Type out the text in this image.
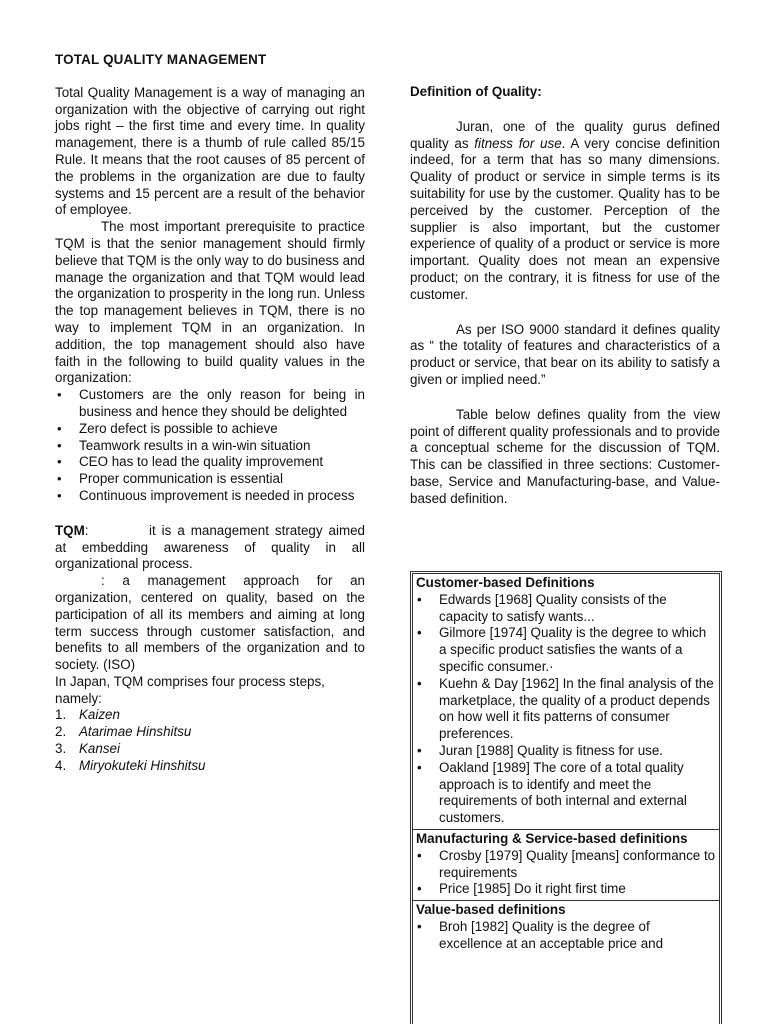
TOTAL QUALITY MANAGEMENT

Total Quality Management is a way of managing an organization with the objective of carrying out right jobs right – the first time and every time. In quality management, there is a thumb of rule called 85/15 Rule. It means that the root causes of 85 percent of the problems in the organization are due to faulty systems and 15 percent are a result of the behavior of employee.

The most important prerequisite to practice TQM is that the senior management should firmly believe that TQM is the only way to do business and manage the organization and that TQM would lead the organization to prosperity in the long run. Unless the top management believes in TQM, there is no way to implement TQM in an organization. In addition, the top management should also have faith in the following to build quality values in the organization:

• Customers are the only reason for being in business and hence they should be delighted
• Zero defect is possible to achieve
• Teamwork results in a win-win situation
• CEO has to lead the quality improvement
• Proper communication is essential
• Continuous improvement is needed in process
TQM:	it is a management strategy aimed at embedding awareness of quality in all organizational process.

: a management approach for an organization, centered on quality, based on the participation of all its members and aiming at long term success through customer satisfaction, and benefits to all members of the organization and to society. (ISO)

In Japan, TQM comprises four process steps, namely:

1. Kaizen
2. Atarimae Hinshitsu
3. Kansei
4. Miryokuteki Hinshitsu
Definition of Quality:

Juran, one of the quality gurus defined quality as fitness for use. A very concise definition indeed, for a term that has so many dimensions. Quality of product or service in simple terms is its suitability for use by the customer. Quality has to be perceived by the customer. Perception of the supplier is also important, but the customer experience of quality of a product or service is more important. Quality does not mean an expensive product; on the contrary, it is fitness for use of the customer.

As per ISO 9000 standard it defines quality as “ the totality of features and characteristics of a product or service, that bear on its ability to satisfy a given or implied need.”

Table below defines quality from the view point of different quality professionals and to provide a conceptual scheme for the discussion of TQM. This can be classified in three sections: Customer-base, Service and Manufacturing-base, and Value-based definition.

Customer-based Definitions
• Edwards [1968] Quality consists of the capacity to satisfy wants...
• Gilmore [1974] Quality is the degree to which a specific product satisfies the wants of a specific consumer.·
• Kuehn & Day [1962] In the final analysis of the marketplace, the quality of a product depends on how well it fits patterns of consumer preferences.
• Juran [1988] Quality is fitness for use.
• Oakland [1989] The core of a total quality approach is to identify and meet the requirements of both internal and external customers.
Manufacturing & Service-based definitions
• Crosby [1979] Quality [means] conformance to requirements
• Price [1985] Do it right first time
Value-based definitions
• Broh [1982] Quality is the degree of excellence at an acceptable price and
